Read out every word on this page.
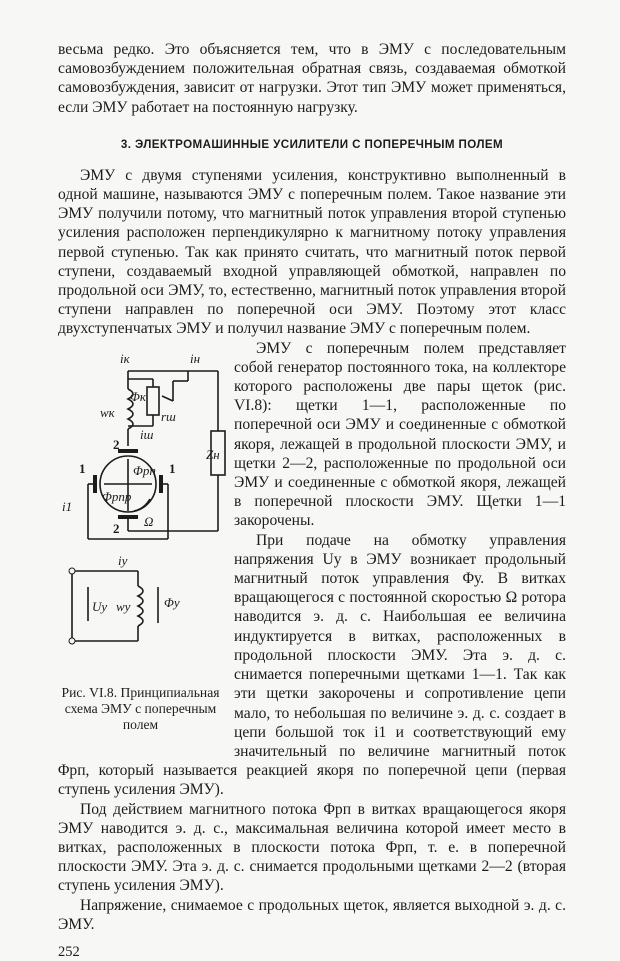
весьма редко. Это объясняется тем, что в ЭМУ с последовательным самовозбуждением положительная обратная связь, создаваемая обмоткой самовозбуждения, зависит от нагрузки. Этот тип ЭМУ может применяться, если ЭМУ работает на постоянную нагрузку.

3. ЭЛЕКТРОМАШИННЫЕ УСИЛИТЕЛИ С ПОПЕРЕЧНЫМ ПОЛЕМ

ЭМУ с двумя ступенями усиления, конструктивно выполненный в одной машине, называются ЭМУ с поперечным полем. Такое название эти ЭМУ получили потому, что магнитный поток управления второй ступенью усиления расположен перпендикулярно к магнитному потоку управления первой ступенью. Так как принято считать, что магнитный поток первой ступени, создаваемый входной управляющей обмоткой, направлен по продольной оси ЭМУ, то, естественно, магнитный поток управления второй ступени направлен по поперечной оси ЭМУ. Поэтому этот класс двухступенчатых ЭМУ и получил название ЭМУ с поперечным полем.

iк	iн
Φк
wк	rш
iш
Zн
2
2
1	1
Φрп
Φрпр
Ω
i1
iу
Uу wу	Φу
Рис. VI.8. Принципиальная схема ЭМУ с поперечным полем

ЭМУ с поперечным полем представляет собой генератор постоянного тока, на коллекторе которого расположены две пары щеток (рис. VI.8): щетки 1—1, расположенные по поперечной оси ЭМУ и соединенные с обмоткой якоря, лежащей в продольной плоскости ЭМУ, и щетки 2—2, расположенные по продольной оси ЭМУ и соединенные с обмоткой якоря, лежащей в поперечной плоскости ЭМУ. Щетки 1—1 закорочены.

При подаче на обмотку управления напряжения Uу в ЭМУ возникает продольный магнитный поток управления Φу. В витках вращающегося с постоянной скоростью Ω ротора наводится э. д. с. Наибольшая ее величина индуктируется в витках, расположенных в продольной плоскости ЭМУ. Эта э. д. с. снимается поперечными щетками 1—1. Так как эти щетки закорочены и сопротивление цепи мало, то небольшая по величине э. д. с. создает в цепи большой ток i1 и соответствующий ему значительный по величине магнитный поток Φрп, который называется реакцией якоря по поперечной цепи (первая ступень усиления ЭМУ).

Под действием магнитного потока Φрп в витках вращающегося якоря ЭМУ наводится э. д. с., максимальная величина которой имеет место в витках, расположенных в плоскости потока Φрп, т. е. в поперечной плоскости ЭМУ. Эта э. д. с. снимается продольными щетками 2—2 (вторая ступень усиления ЭМУ).

Напряжение, снимаемое с продольных щеток, является выходной э. д. с. ЭМУ.

252
